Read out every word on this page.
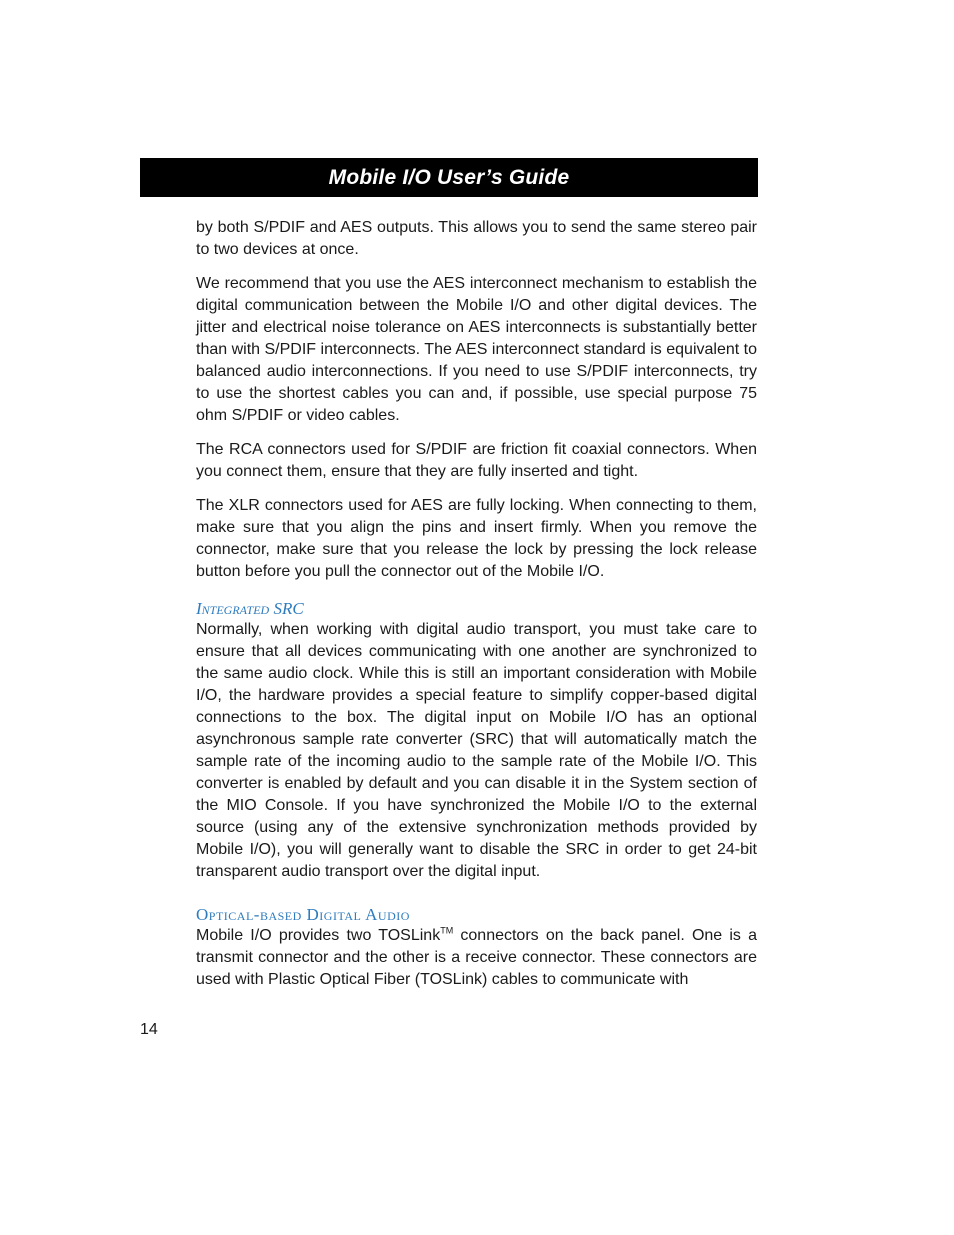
Mobile I/O User’s Guide

by both S/PDIF and AES outputs. This allows you to send the same stereo pair to two devices at once.

We recommend that you use the AES interconnect mechanism to establish the digital communication between the Mobile I/O and other digital devices. The jitter and electrical noise tolerance on AES interconnects is substantially better than with S/PDIF interconnects. The AES interconnect standard is equivalent to balanced audio interconnections. If you need to use S/​PDIF interconnects, try to use the shortest cables you can and, if possible, use special purpose 75 ohm S/PDIF or video cables.

The RCA connectors used for S/PDIF are friction fit coaxial connectors. When you connect them, ensure that they are fully inserted and tight.

The XLR connectors used for AES are fully locking. When connecting to them, make sure that you align the pins and insert firmly. When you remove the connector, make sure that you release the lock by pressing the lock release button before you pull the connector out of the Mobile I/O.

Integrated SRC

Normally, when working with digital audio transport, you must take care to ensure that all devices communicating with one another are synchronized to the same audio clock. While this is still an important consideration with Mobile I/O, the hardware provides a special feature to simplify copper-based digital connections to the box. The digital input on Mobile I/O has an optional asynchronous sample rate converter (SRC) that will automatically match the sample rate of the incoming audio to the sample rate of the Mobile I/O. This converter is enabled by default and you can disable it in the System section of the MIO Console. If you have synchronized the Mobile I/​O to the external source (using any of the extensive synchronization methods provided by Mobile I/O), you will generally want to disable the SRC in order to get 24-bit transparent audio transport over the digital input.

Optical-based Digital Audio

Mobile I/O provides two TOSLink™ connectors on the back panel. One is a transmit connector and the other is a receive connector. These connectors are used with Plastic Optical Fiber (TOSLink) cables to communicate with

14
